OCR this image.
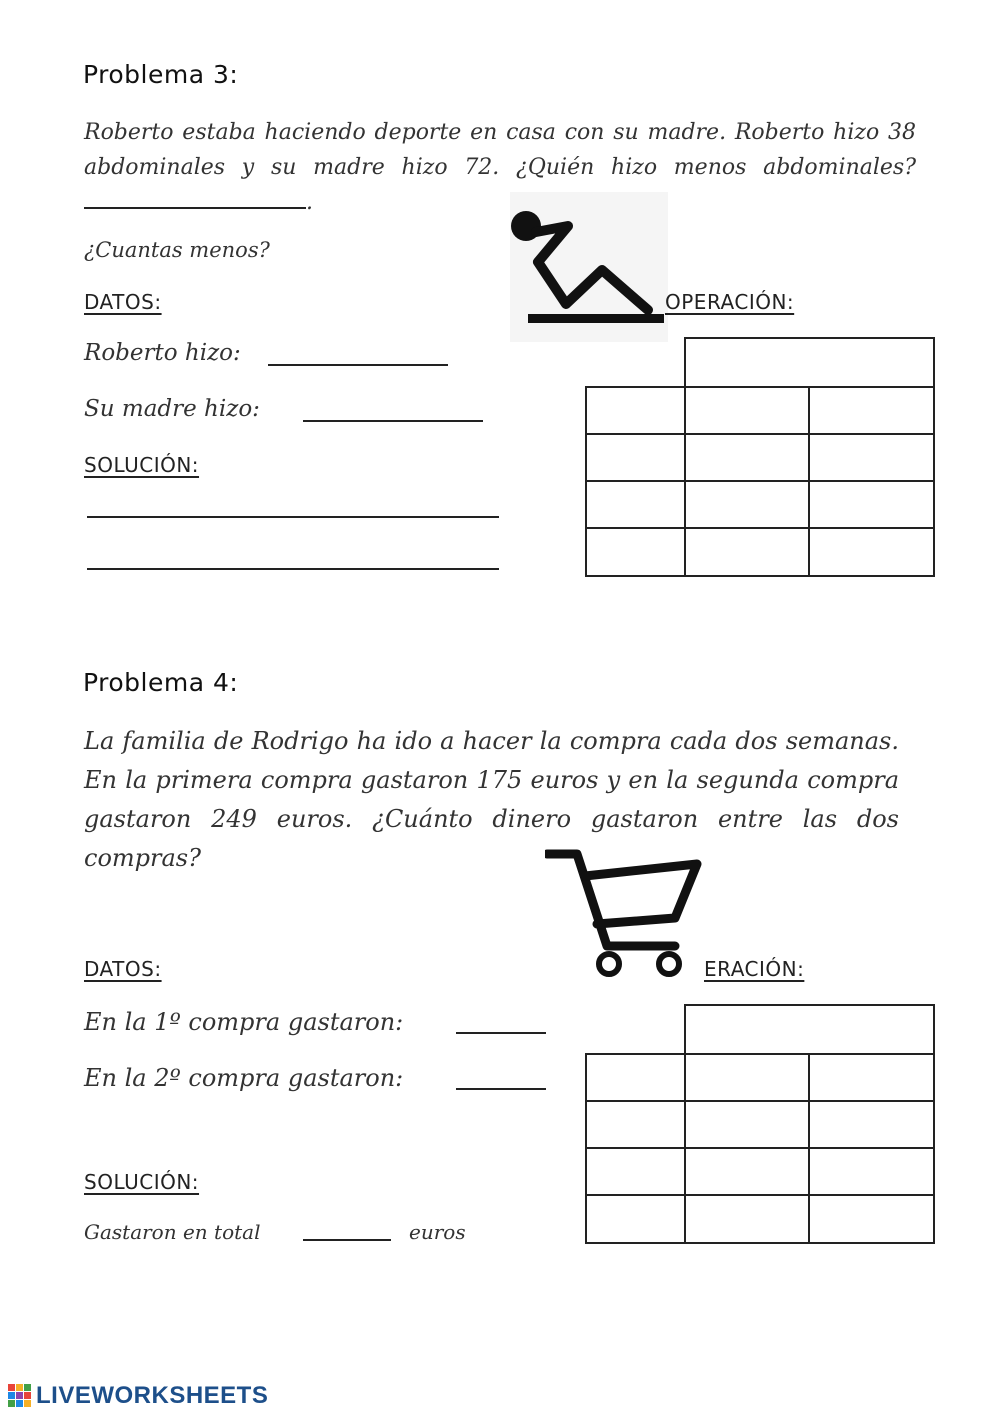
Problema 3:
Roberto estaba haciendo deporte en casa con su madre. Roberto hizo 38 abdominales y su madre hizo 72. ¿Quién hizo menos abdominales? .
¿Cuantas menos?
DATOS:	OPERACIÓN:
Roberto hizo:
Su madre hizo:
SOLUCIÓN:
Problema 4:
La familia de Rodrigo ha ido a hacer la compra cada dos semanas. En la primera compra gastaron 175 euros y en la segunda compra gastaron 249 euros. ¿Cuánto dinero gastaron entre las dos compras?
DATOS:	ERACIÓN:
En la 1º compra gastaron:
En la 2º compra gastaron:
SOLUCIÓN:
Gastaron en total	euros
LIVEWORKSHEETS
